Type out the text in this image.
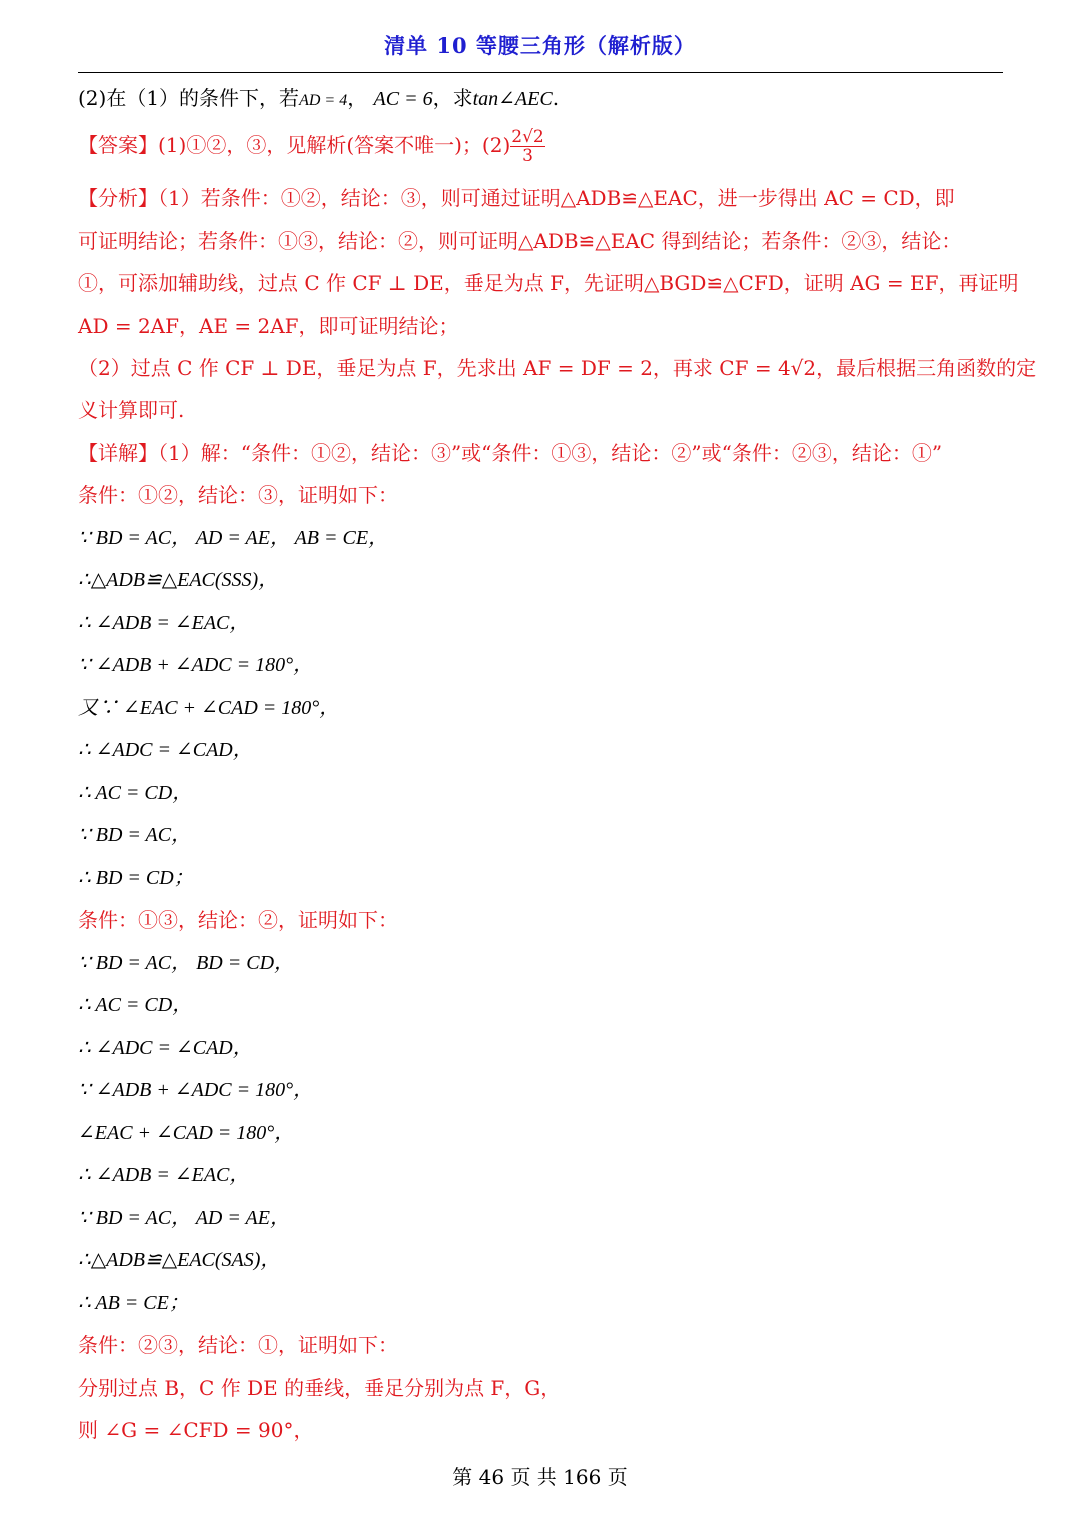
清单 10 等腰三角形（解析版）
(2)在（1）的条件下，若AD = 4， AC = 6，求tan∠AEC.
【答案】(1)①②，③，见解析(答案不唯一)；$(2) \frac{2√2}{3}$
【分析】（1）若条件：①②，结论：③，则可通过证明△ADB≌△EAC，进一步得出 AC = CD，即
可证明结论；若条件：①③，结论：②，则可证明△ADB≌△EAC 得到结论；若条件：②③，结论：
①，可添加辅助线，过点 C 作 CF ⊥ DE，垂足为点 F，先证明△BGD≌△CFD，证明 AG = EF，再证明
AD = 2AF，AE = 2AF，即可证明结论；
（2）过点 C 作 CF ⊥ DE，垂足为点 F，先求出 AF = DF = 2，再求 CF = 4√2，最后根据三角函数的定
义计算即可.
【详解】（1）解：“条件：①②，结论：③”或“条件：①③，结论：②”或“条件：②③，结论：①”
条件：①②，结论：③，证明如下：
∵ BD = AC， AD = AE， AB = CE，
∴△ADB≌△EAC(SSS)，
∴ ∠ADB = ∠EAC，
∵ ∠ADB + ∠ADC = 180°，
又∵ ∠EAC + ∠CAD = 180°，
∴ ∠ADC = ∠CAD，
∴ AC = CD，
∵ BD = AC，
∴ BD = CD；
条件：①③，结论：②，证明如下：
∵ BD = AC， BD = CD，
∴ AC = CD，
∴ ∠ADC = ∠CAD，
∵ ∠ADB + ∠ADC = 180°，
∠EAC + ∠CAD = 180°，
∴ ∠ADB = ∠EAC，
∵ BD = AC， AD = AE，
∴△ADB≌△EAC(SAS)，
∴ AB = CE；
条件：②③，结论：①，证明如下：
分别过点 B，C 作 DE 的垂线，垂足分别为点 F，G，
则 ∠G = ∠CFD = 90°，
第 46 页 共 166 页
